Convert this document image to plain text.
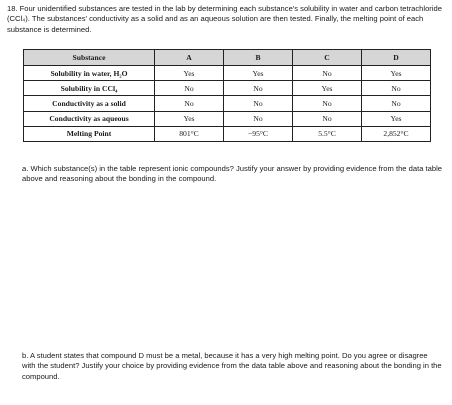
18. Four unidentified substances are tested in the lab by determining each substance's solubility in water and carbon tetrachloride (CCl₄). The substances' conductivity as a solid and as an aqueous solution are then tested. Finally, the melting point of each substance is determined.
Substance	A	B	C	D
Solubility in water, H₂O	Yes	Yes	No	Yes
Solubility in CCl₄	No	No	Yes	No
Conductivity as a solid	No	No	No	No
Conductivity as aqueous	Yes	No	No	Yes
Melting Point	801°C	−95°C	5.5°C	2,852°C
a. Which substance(s) in the table represent ionic compounds? Justify your answer by providing evidence from the data table above and reasoning about the bonding in the compound.
b. A student states that compound D must be a metal, because it has a very high melting point. Do you agree or disagree with the student? Justify your choice by providing evidence from the data table above and reasoning about the bonding in the compound.
